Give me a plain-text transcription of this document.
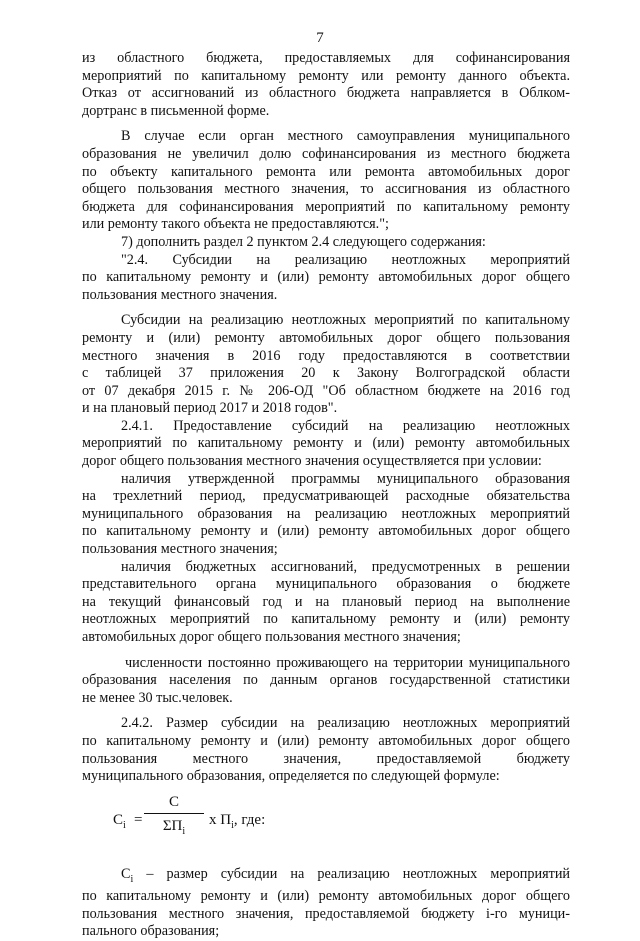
7

из областного бюджета, предоставляемых для софинансирования
мероприятий по капитальному ремонту или ремонту данного объекта.
Отказ от ассигнований из областного бюджета направляется в Облком-
дортранс в письменной форме.

В случае если орган местного самоуправления муниципального
образования не увеличил долю софинансирования из местного бюджета
по объекту капитального ремонта или ремонта автомобильных дорог
общего пользования местного значения, то ассигнования из областного
бюджета для софинансирования мероприятий по капитальному ремонту
или ремонту такого объекта не предоставляются.";

7) дополнить раздел 2 пунктом 2.4 следующего содержания:

"2.4. Субсидии на реализацию неотложных мероприятий
по капитальному ремонту и (или) ремонту автомобильных дорог общего
пользования местного значения.

Субсидии на реализацию неотложных мероприятий по капитальному
ремонту и (или) ремонту автомобильных дорог общего пользования
местного значения в 2016 году предоставляются в соответствии
с таблицей 37 приложения 20 к Закону Волгоградской области
от 07 декабря 2015 г. № 206-ОД "Об областном бюджете на 2016 год
и на плановый период 2017 и 2018 годов".

2.4.1. Предоставление субсидий на реализацию неотложных
мероприятий по капитальному ремонту и (или) ремонту автомобильных
дорог общего пользования местного значения осуществляется при условии:

наличия утвержденной программы муниципального образования
на трехлетний период, предусматривающей расходные обязательства
муниципального образования на реализацию неотложных мероприятий
по капитальному ремонту и (или) ремонту автомобильных дорог общего
пользования местного значения;

наличия бюджетных ассигнований, предусмотренных в решении
представительного органа муниципального образования о бюджете
на текущий финансовый год и на плановый период на выполнение
неотложных мероприятий по капитальному ремонту и (или) ремонту
автомобильных дорог общего пользования местного значения;

численности постоянно проживающего на территории муниципального
образования населения по данным органов государственной статистики
не менее 30 тыс.человек.

2.4.2. Размер субсидии на реализацию неотложных мероприятий
по капитальному ремонту и (или) ремонту автомобильных дорог общего
пользования местного значения, предоставляемой бюджету
муниципального образования, определяется по следующей формуле:

$С_i$ =
С
$\Sigma П_i$
х $П_i$, где:

$С_i$ – размер субсидии на реализацию неотложных мероприятий
по капитальному ремонту и (или) ремонту автомобильных дорог общего
пользования местного значения, предоставляемой бюджету i-го муници-
пального образования;
